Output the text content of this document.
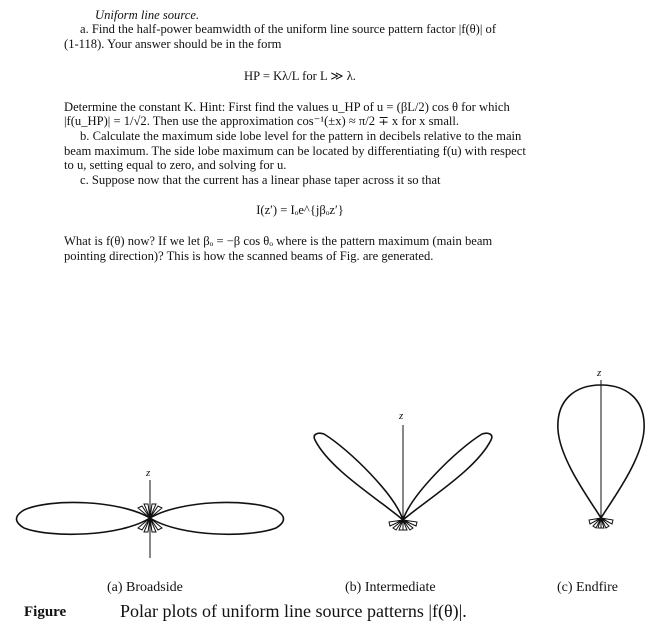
Uniform line source.
a. Find the half-power beamwidth of the uniform line source pattern factor |f(θ)| of
(1-118). Your answer should be in the form
HP = Kλ/L for L ≫ λ.
Determine the constant K. Hint: First find the values u_HP of u = (βL/2) cos θ for which
|f(u_HP)| = 1/√2. Then use the approximation cos⁻¹(±x) ≈ π/2 ∓ x for x small.
b. Calculate the maximum side lobe level for the pattern in decibels relative to the main
beam maximum. The side lobe maximum can be located by differentiating f(u) with respect
to u, setting equal to zero, and solving for u.
c. Suppose now that the current has a linear phase taper across it so that
I(z′) = Iₒe^{jβₒz′}
What is f(θ) now? If we let βₒ = −β cos θₒ where is the pattern maximum (main beam
pointing direction)? This is how the scanned beams of Fig. are generated.
z
z
z
(a) Broadside	(b) Intermediate	(c) Endfire
Figure	Polar plots of uniform line source patterns |f(θ)|.
